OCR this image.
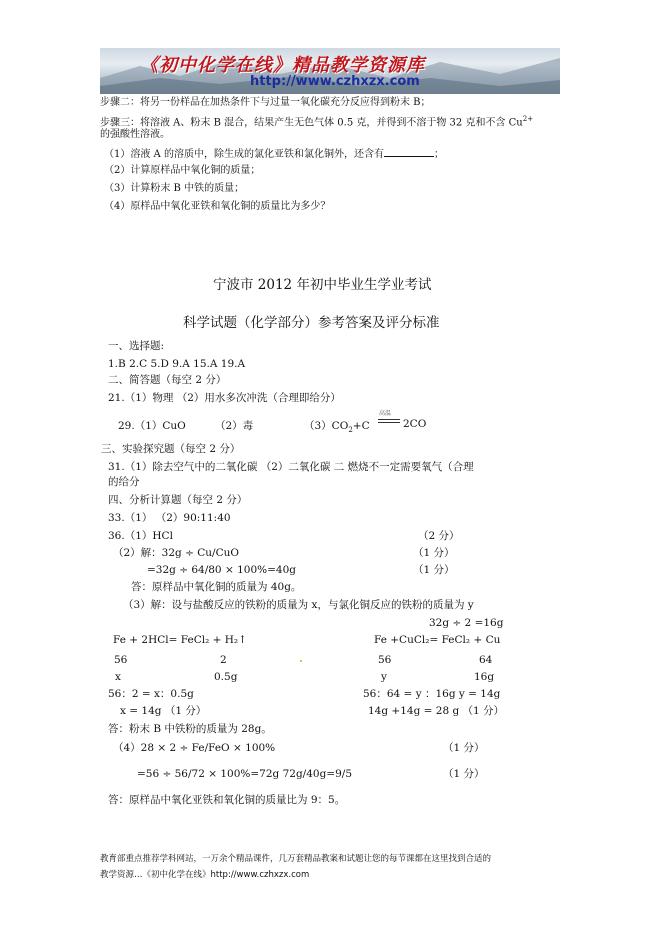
《初中化学在线》精品教学资源库
http://www.czhxzx.com
步骤二：将另一份样品在加热条件下与过量一氧化碳充分反应得到粉末 B；
步骤三：将溶液 A、粉末 B 混合，结果产生无色气体 0.5 克，并得到不溶于物 32 克和不含 $Cu^{2+}$
的强酸性溶液。
（1）溶液 A 的溶质中，除生成的氯化亚铁和氯化铜外，还含有	；
（2）计算原样品中氧化铜的质量；
（3）计算粉末 B 中铁的质量；
（4）原样品中氧化亚铁和氧化铜的质量比为多少？
宁波市 2012 年初中毕业生学业考试
科学试题（化学部分）参考答案及评分标准
一、选择题:
1.B 2.C 5.D 9.A 15.A 19.A
二、简答题（每空 2 分）
21.（1）物理 （2）用水多次冲洗（合理即给分）
29.（1）CuO	（2）毒	$(3)CO_2+C$
高温
2CO
三、实验探究题（每空 2 分）
31.（1）除去空气中的二氧化碳 （2）二氧化碳 二 燃烧不一定需要氧气（合理
的给分
四、分析计算题（每空 2 分）
33.（1） （2）90:11:40
36.（1）HCl	（2 分）
（2）解：32g ÷ Cu/CuO	（1 分）
=32g ÷ 64/80 × 100%=40g	（1 分）
答：原样品中氧化铜的质量为 40g。
（3）解：设与盐酸反应的铁粉的质量为 x，与氯化铜反应的铁粉的质量为 y
32g ÷ 2 =16g
Fe + 2HCl= FeCl₂ + H₂↑	Fe +CuCl₂= FeCl₂ + Cu
56	2	56	64
x	0.5g	y	16g
56：2 = x：0.5g	56：64 = y ：16g y = 14g
x = 14g （1 分）	14g +14g = 28 g （1 分）
答：粉末 B 中铁粉的质量为 28g。
（4）28 × 2 ÷ Fe/FeO × 100%	（1 分）
=56 ÷ 56/72 × 100%=72g 72g/40g=9/5	（1 分）
答：原样品中氧化亚铁和氧化铜的质量比为 9：5。
教育部重点推荐学科网站，一万余个精品课件，几万套精品教案和试题让您的每节课都在这里找到合适的
教学资源…《初中化学在线》http://www.czhxzx.com
